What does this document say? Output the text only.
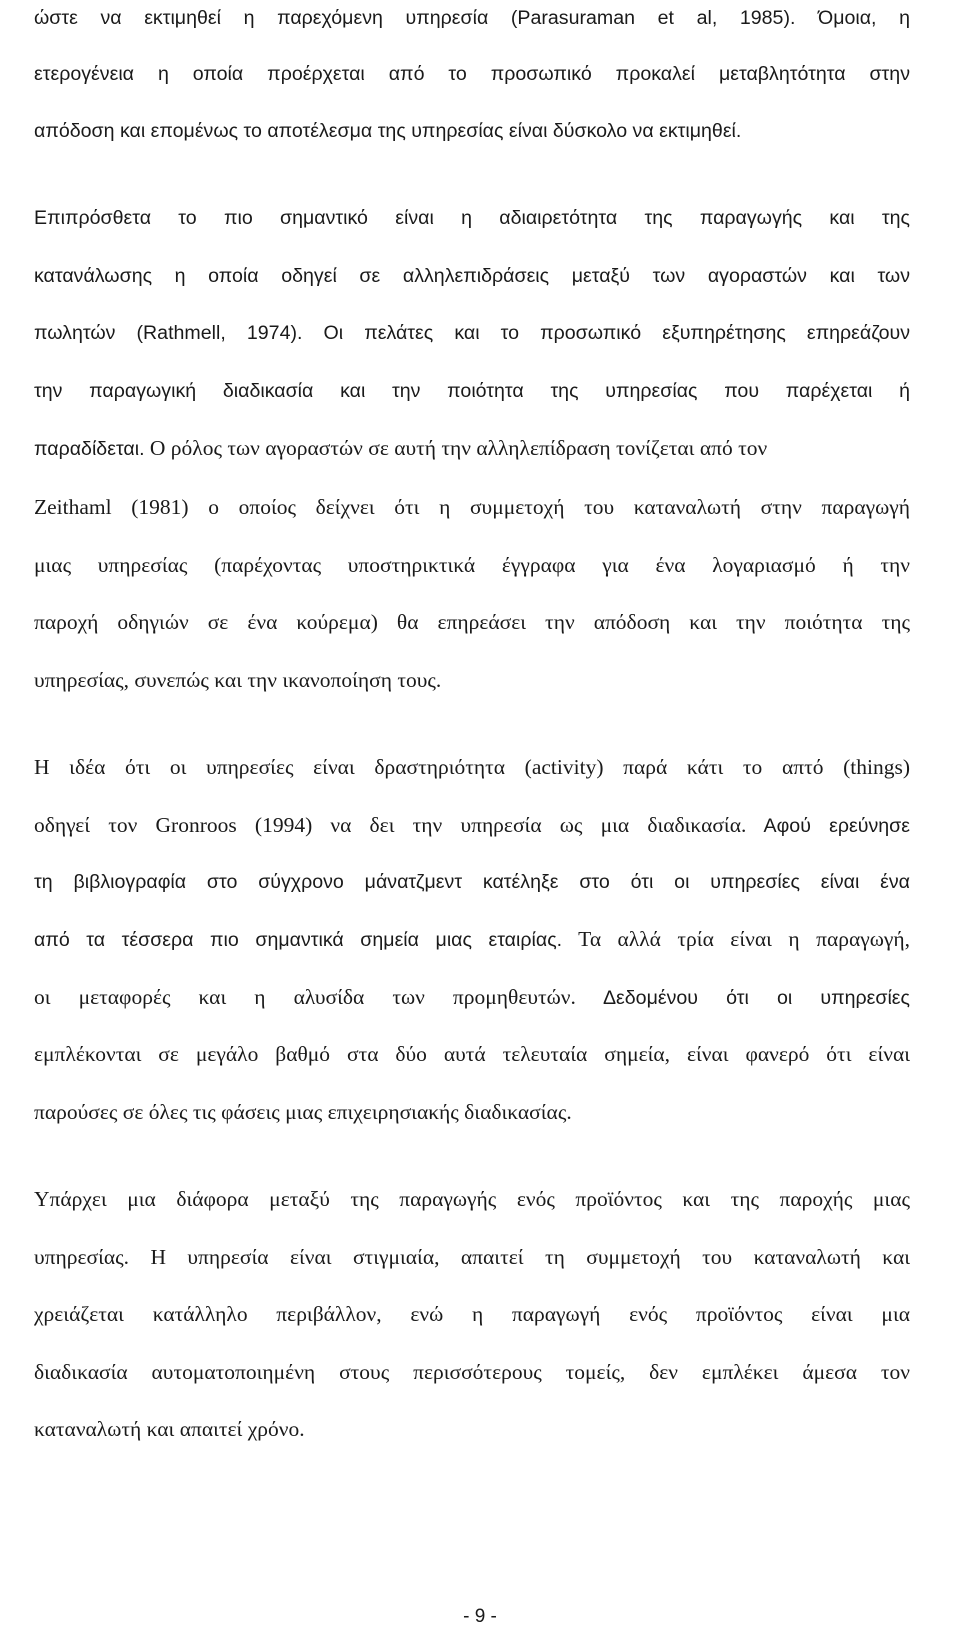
ώστε να εκτιμηθεί η παρεχόμενη υπηρεσία (Parasuraman et al, 1985). Όμοια, η
ετερογένεια η οποία προέρχεται από το προσωπικό προκαλεί μεταβλητότητα στην
απόδοση και επομένως το αποτέλεσμα της υπηρεσίας είναι δύσκολο να εκτιμηθεί.
Επιπρόσθετα το πιο σημαντικό είναι η αδιαιρετότητα της παραγωγής και της
κατανάλωσης η οποία οδηγεί σε αλληλεπιδράσεις μεταξύ των αγοραστών και των
πωλητών (Rathmell, 1974). Οι πελάτες και το προσωπικό εξυπηρέτησης επηρεάζουν
την παραγωγική διαδικασία και την ποιότητα της υπηρεσίας που παρέχεται ή
παραδίδεται. Ο ρόλος των αγοραστών σε αυτή την αλληλεπίδραση τονίζεται από τον
Zeithaml (1981) ο οποίος δείχνει ότι η συμμετοχή του καταναλωτή στην παραγωγή
μιας υπηρεσίας (παρέχοντας υποστηρικτικά έγγραφα για ένα λογαριασμό ή την
παροχή οδηγιών σε ένα κούρεμα) θα επηρεάσει την απόδοση και την ποιότητα της
υπηρεσίας, συνεπώς και την ικανοποίηση τους.
Η ιδέα ότι οι υπηρεσίες είναι δραστηριότητα (activity) παρά κάτι το απτό (things)
οδηγεί τον Gronroos (1994) να δει την υπηρεσία ως μια διαδικασία. Αφού ερεύνησε
τη βιβλιογραφία στο σύγχρονο μάνατζμεντ κατέληξε στο ότι οι υπηρεσίες είναι ένα
από τα τέσσερα πιο σημαντικά σημεία μιας εταιρίας. Τα αλλά τρία είναι η παραγωγή,
οι μεταφορές και η αλυσίδα των προμηθευτών. Δεδομένου ότι οι υπηρεσίες
εμπλέκονται σε μεγάλο βαθμό στα δύο αυτά τελευταία σημεία, είναι φανερό ότι είναι
παρούσες σε όλες τις φάσεις μιας επιχειρησιακής διαδικασίας.
Υπάρχει μια διάφορα μεταξύ της παραγωγής ενός προϊόντος και της παροχής μιας
υπηρεσίας. Η υπηρεσία είναι στιγμιαία, απαιτεί τη συμμετοχή του καταναλωτή και
χρειάζεται κατάλληλο περιβάλλον, ενώ η παραγωγή ενός προϊόντος είναι μια
διαδικασία αυτοματοποιημένη στους περισσότερους τομείς, δεν εμπλέκει άμεσα τον
καταναλωτή και απαιτεί χρόνο.
- 9 -
